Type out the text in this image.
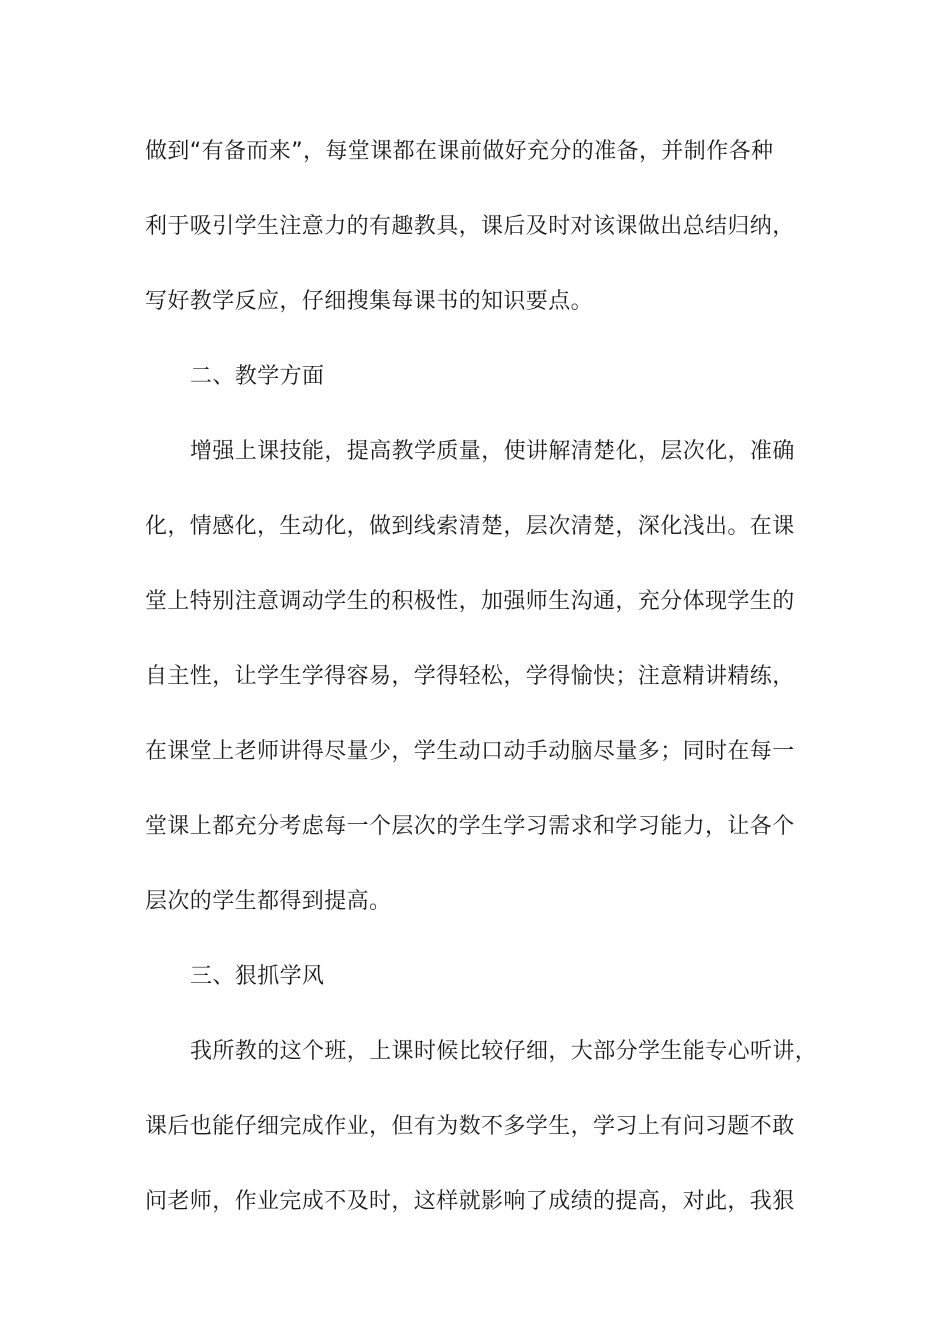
做到“有备而来”，每堂课都在课前做好充分的准备，并制作各种
利于吸引学生注意力的有趣教具，课后及时对该课做出总结归纳，
写好教学反应，仔细搜集每课书的知识要点。
二、教学方面
增强上课技能，提高教学质量，使讲解清楚化，层次化，准确
化，情感化，生动化，做到线索清楚，层次清楚，深化浅出。在课
堂上特别注意调动学生的积极性，加强师生沟通，充分体现学生的
自主性，让学生学得容易，学得轻松，学得愉快；注意精讲精练，
在课堂上老师讲得尽量少，学生动口动手动脑尽量多；同时在每一
堂课上都充分考虑每一个层次的学生学习需求和学习能力，让各个
层次的学生都得到提高。
三、狠抓学风
我所教的这个班，上课时候比较仔细，大部分学生能专心听讲，
课后也能仔细完成作业，但有为数不多学生，学习上有问习题不敢
问老师，作业完成不及时，这样就影响了成绩的提高，对此，我狠
